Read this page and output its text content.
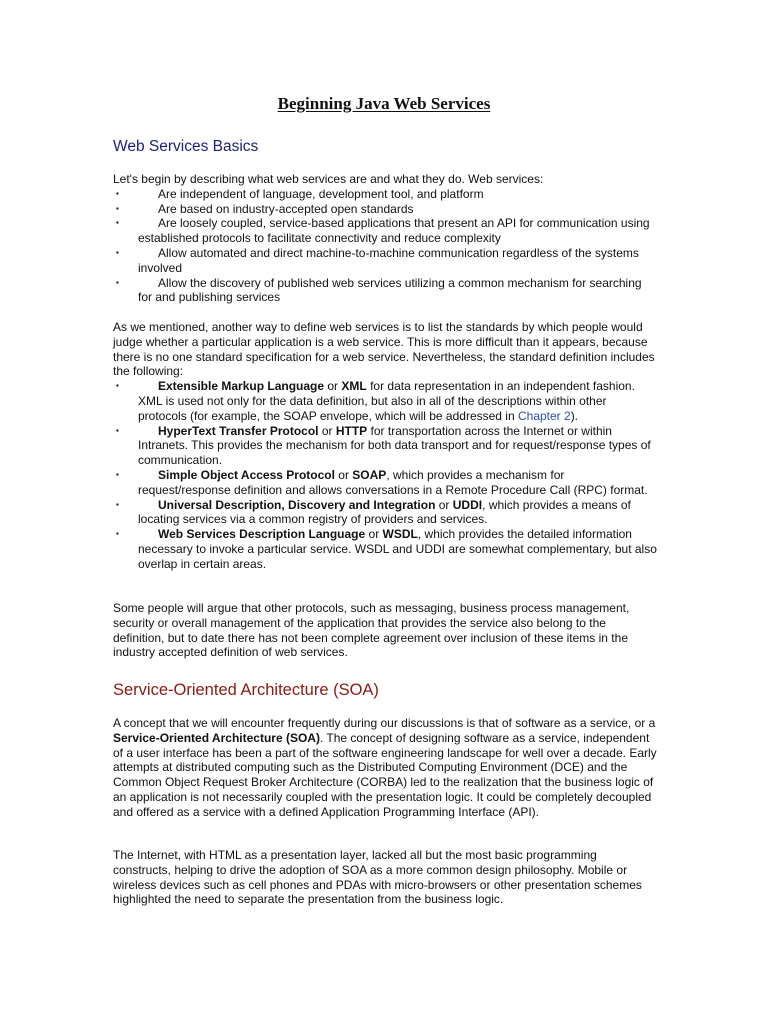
Beginning Java Web Services
Web Services Basics

Let's begin by describing what web services are and what they do. Web services:

▪	Are independent of language, development tool, and platform
▪	Are based on industry-accepted open standards
▪	Are loosely coupled, service-based applications that present an API for communication using established protocols to facilitate connectivity and reduce complexity
▪	Allow automated and direct machine-to-machine communication regardless of the systems involved
▪	Allow the discovery of published web services utilizing a common mechanism for searching for and publishing services

As we mentioned, another way to define web services is to list the standards by which people would judge whether a particular application is a web service. This is more difficult than it appears, because there is no one standard specification for a web service. Nevertheless, the standard definition includes the following:

▪	Extensible Markup Language or XML for data representation in an independent fashion. XML is used not only for the data definition, but also in all of the descriptions within other protocols (for example, the SOAP envelope, which will be addressed in Chapter 2).
▪	HyperText Transfer Protocol or HTTP for transportation across the Internet or within Intranets. This provides the mechanism for both data transport and for request/response types of communication.
▪	Simple Object Access Protocol or SOAP, which provides a mechanism for request/response definition and allows conversations in a Remote Procedure Call (RPC) format.
▪	Universal Description, Discovery and Integration or UDDI, which provides a means of locating services via a common registry of providers and services.
▪	Web Services Description Language or WSDL, which provides the detailed information necessary to invoke a particular service. WSDL and UDDI are somewhat complementary, but also overlap in certain areas.

Some people will argue that other protocols, such as messaging, business process management, security or overall management of the application that provides the service also belong to the definition, but to date there has not been complete agreement over inclusion of these items in the industry accepted definition of web services.

Service-Oriented Architecture (SOA)

A concept that we will encounter frequently during our discussions is that of software as a service, or a Service-Oriented Architecture (SOA). The concept of designing software as a service, independent of a user interface has been a part of the software engineering landscape for well over a decade. Early attempts at distributed computing such as the Distributed Computing Environment (DCE) and the Common Object Request Broker Architecture (CORBA) led to the realization that the business logic of an application is not necessarily coupled with the presentation logic. It could be completely decoupled and offered as a service with a defined Application Programming Interface (API).

The Internet, with HTML as a presentation layer, lacked all but the most basic programming constructs, helping to drive the adoption of SOA as a more common design philosophy. Mobile or wireless devices such as cell phones and PDAs with micro-browsers or other presentation schemes highlighted the need to separate the presentation from the business logic.
